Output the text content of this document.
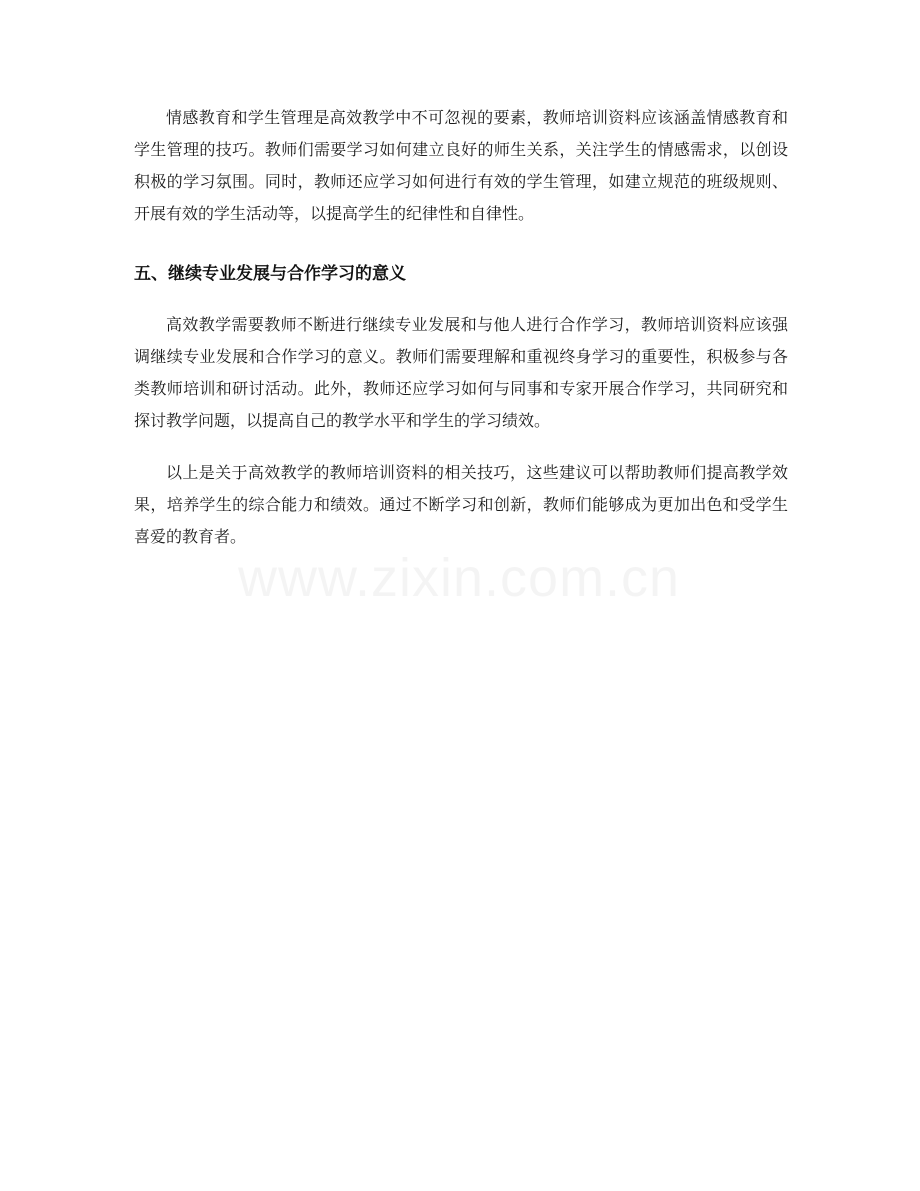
情感教育和学生管理是高效教学中不可忽视的要素，教师培训资料应该涵盖情感教育和学生管理的技巧。教师们需要学习如何建立良好的师生关系，关注学生的情感需求，以创设积极的学习氛围。同时，教师还应学习如何进行有效的学生管理，如建立规范的班级规则、开展有效的学生活动等，以提高学生的纪律性和自律性。

五、继续专业发展与合作学习的意义

高效教学需要教师不断进行继续专业发展和与他人进行合作学习，教师培训资料应该强调继续专业发展和合作学习的意义。教师们需要理解和重视终身学习的重要性，积极参与各类教师培训和研讨活动。此外，教师还应学习如何与同事和专家开展合作学习，共同研究和探讨教学问题，以提高自己的教学水平和学生的学习绩效。

以上是关于高效教学的教师培训资料的相关技巧，这些建议可以帮助教师们提高教学效果，培养学生的综合能力和绩效。通过不断学习和创新，教师们能够成为更加出色和受学生喜爱的教育者。
